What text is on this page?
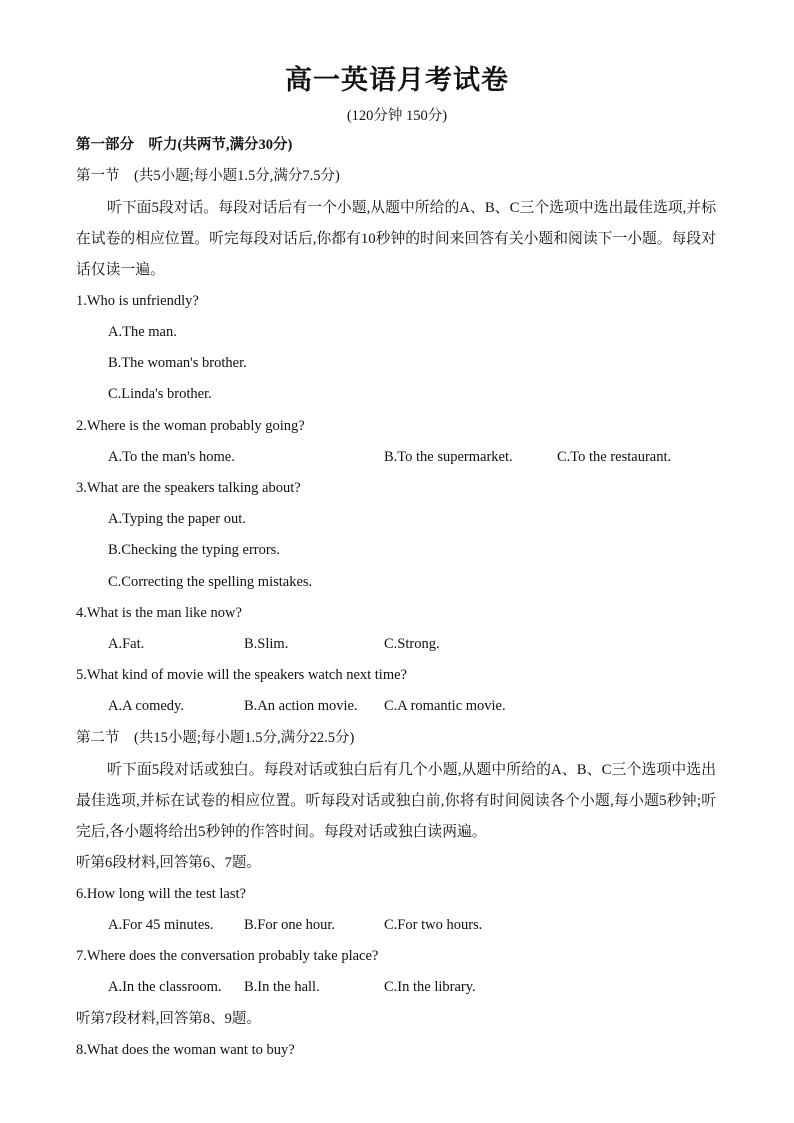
高一英语月考试卷
(120分钟 150分)
第一部分　听力(共两节,满分30分)
第一节　(共5小题;每小题1.5分,满分7.5分)
听下面5段对话。每段对话后有一个小题,从题中所给的A、B、C三个选项中选出最佳选项,并标在试卷的相应位置。听完每段对话后,你都有10秒钟的时间来回答有关小题和阅读下一小题。每段对话仅读一遍。
1.Who is unfriendly?
A.The man.
B.The woman's brother.
C.Linda's brother.
2.Where is the woman probably going?
A.To the man's home.	B.To the supermarket.	C.To the restaurant.
3.What are the speakers talking about?
A.Typing the paper out.
B.Checking the typing errors.
C.Correcting the spelling mistakes.
4.What is the man like now?
A.Fat.	B.Slim.	C.Strong.
5.What kind of movie will the speakers watch next time?
A.A comedy.	B.An action movie. C.A romantic movie.
第二节　(共15小题;每小题1.5分,满分22.5分)
听下面5段对话或独白。每段对话或独白后有几个小题,从题中所给的A、B、C三个选项中选出最佳选项,并标在试卷的相应位置。听每段对话或独白前,你将有时间阅读各个小题,每小题5秒钟;听完后,各小题将给出5秒钟的作答时间。每段对话或独白读两遍。
听第6段材料,回答第6、7题。
6.How long will the test last?
A.For 45 minutes. B.For one hour.	C.For two hours.
7.Where does the conversation probably take place?
A.In the classroom. B.In the hall.	C.In the library.
听第7段材料,回答第8、9题。
8.What does the woman want to buy?
